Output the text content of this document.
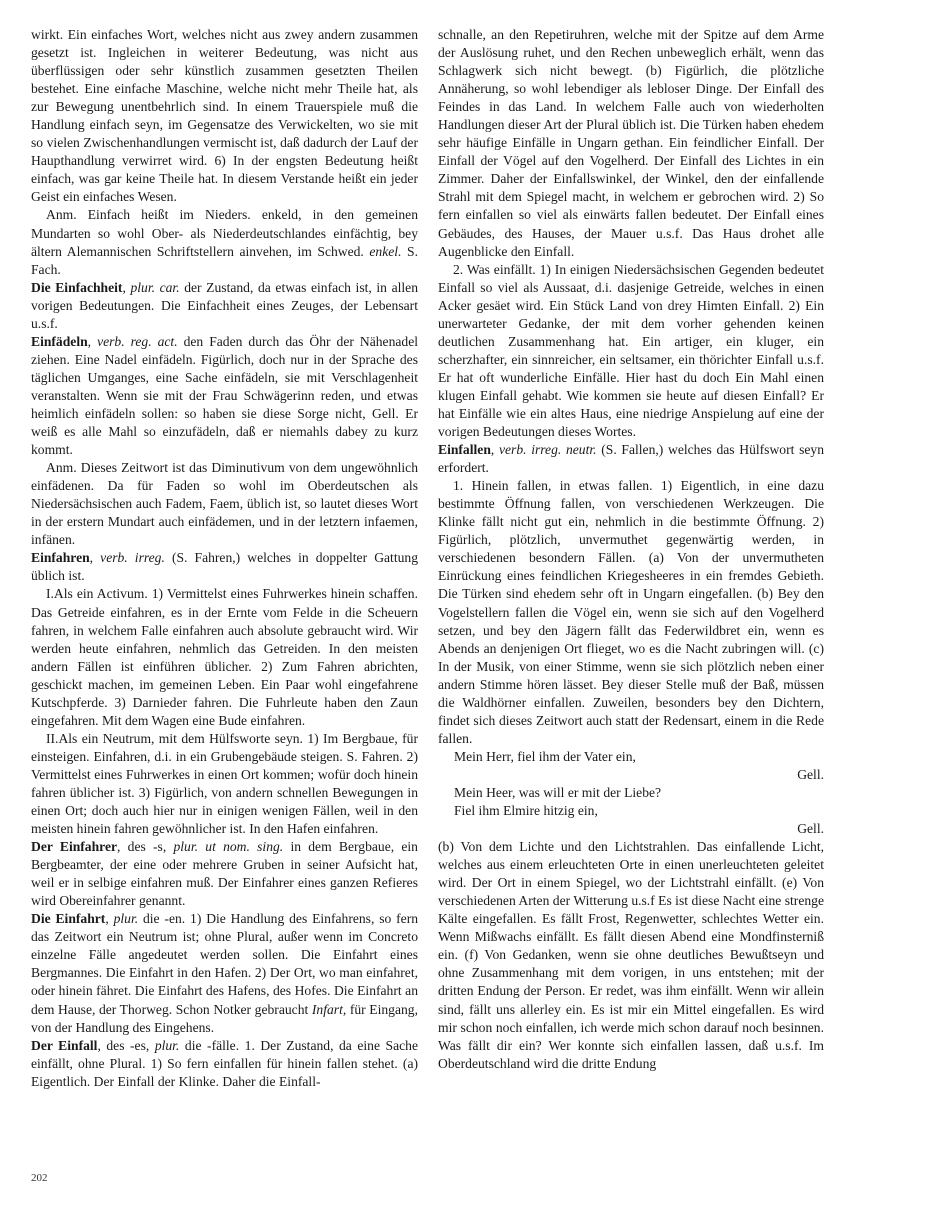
wirkt. Ein einfaches Wort, welches nicht aus zwey andern zusammen gesetzt ist. Ingleichen in weiterer Bedeutung, was nicht aus überflüssigen oder sehr künstlich zusammen gesetzten Theilen bestehet. Eine einfache Maschine, welche nicht mehr Theile hat, als zur Bewegung unentbehrlich sind. In einem Trauerspiele muß die Handlung einfach seyn, im Gegensatze des Verwickelten, wo sie mit so vielen Zwischenhandlungen vermischt ist, daß dadurch der Lauf der Haupthandlung verwirret wird. 6) In der engsten Bedeutung heißt einfach, was gar keine Theile hat. In diesem Verstande heißt ein jeder Geist ein einfaches Wesen.

Anm. Einfach heißt im Nieders. enkeld, in den gemeinen Mundarten so wohl Ober- als Niederdeutschlandes einfächtig, bey ältern Alemannischen Schriftstellern ainvehen, im Schwed. enkel. S. Fach.

Die Einfachheit, plur. car. der Zustand, da etwas einfach ist, in allen vorigen Bedeutungen. Die Einfachheit eines Zeuges, der Lebensart u.s.f.

Einfädeln, verb. reg. act. den Faden durch das Öhr der Nähenadel ziehen. Eine Nadel einfädeln. Figürlich, doch nur in der Sprache des täglichen Umganges, eine Sache einfädeln, sie mit Verschlagenheit veranstalten. Wenn sie mit der Frau Schwägerinn reden, und etwas heimlich einfädeln sollen: so haben sie diese Sorge nicht, Gell. Er weiß es alle Mahl so einzufädeln, daß er niemahls dabey zu kurz kommt.

Anm. Dieses Zeitwort ist das Diminutivum von dem ungewöhnlich einfädenen. Da für Faden so wohl im Oberdeutschen als Niedersächsischen auch Fadem, Faem, üblich ist, so lautet dieses Wort in der erstern Mundart auch einfädemen, und in der letztern infaemen, infänen.

Einfahren, verb. irreg. (S. Fahren,) welches in doppelter Gattung üblich ist.

I.Als ein Activum. 1) Vermittelst eines Fuhrwerkes hinein schaffen. Das Getreide einfahren, es in der Ernte vom Felde in die Scheuern fahren, in welchem Falle einfahren auch absolute gebraucht wird. Wir werden heute einfahren, nehmlich das Getreiden. In den meisten andern Fällen ist einführen üblicher. 2) Zum Fahren abrichten, geschickt machen, im gemeinen Leben. Ein Paar wohl eingefahrene Kutschpferde. 3) Darnieder fahren. Die Fuhrleute haben den Zaun eingefahren. Mit dem Wagen eine Bude einfahren.

II.Als ein Neutrum, mit dem Hülfsworte seyn. 1) Im Bergbaue, für einsteigen. Einfahren, d.i. in ein Grubengebäude steigen. S. Fahren. 2) Vermittelst eines Fuhrwerkes in einen Ort kommen; wofür doch hinein fahren üblicher ist. 3) Figürlich, von andern schnellen Bewegungen in einen Ort; doch auch hier nur in einigen wenigen Fällen, weil in den meisten hinein fahren gewöhnlicher ist. In den Hafen einfahren.

Der Einfahrer, des -s, plur. ut nom. sing. in dem Bergbaue, ein Bergbeamter, der eine oder mehrere Gruben in seiner Aufsicht hat, weil er in selbige einfahren muß. Der Einfahrer eines ganzen Refieres wird Obereinfahrer genannt.

Die Einfahrt, plur. die -en. 1) Die Handlung des Einfahrens, so fern das Zeitwort ein Neutrum ist; ohne Plural, außer wenn im Concreto einzelne Fälle angedeutet werden sollen. Die Einfahrt eines Bergmannes. Die Einfahrt in den Hafen. 2) Der Ort, wo man einfahret, oder hinein fähret. Die Einfahrt des Hafens, des Hofes. Die Einfahrt an dem Hause, der Thorweg. Schon Notker gebraucht Infart, für Eingang, von der Handlung des Eingehens.

Der Einfall, des -es, plur. die -fälle. 1. Der Zustand, da eine Sache einfällt, ohne Plural. 1) So fern einfallen für hinein fallen stehet. (a) Eigentlich. Der Einfall der Klinke. Daher die Einfall-

schnalle, an den Repetiruhren, welche mit der Spitze auf dem Arme der Auslösung ruhet, und den Rechen unbeweglich erhält, wenn das Schlagwerk sich nicht bewegt. (b) Figürlich, die plötzliche Annäherung, so wohl lebendiger als lebloser Dinge. Der Einfall des Feindes in das Land. In welchem Falle auch von wiederholten Handlungen dieser Art der Plural üblich ist. Die Türken haben ehedem sehr häufige Einfälle in Ungarn gethan. Ein feindlicher Einfall. Der Einfall der Vögel auf den Vogelherd. Der Einfall des Lichtes in ein Zimmer. Daher der Einfallswinkel, der Winkel, den der einfallende Strahl mit dem Spiegel macht, in welchem er gebrochen wird. 2) So fern einfallen so viel als einwärts fallen bedeutet. Der Einfall eines Gebäudes, des Hauses, der Mauer u.s.f. Das Haus drohet alle Augenblicke den Einfall.

2. Was einfällt. 1) In einigen Niedersächsischen Gegenden bedeutet Einfall so viel als Aussaat, d.i. dasjenige Getreide, welches in einen Acker gesäet wird. Ein Stück Land von drey Himten Einfall. 2) Ein unerwarteter Gedanke, der mit dem vorher gehenden keinen deutlichen Zusammenhang hat. Ein artiger, ein kluger, ein scherzhafter, ein sinnreicher, ein seltsamer, ein thörichter Einfall u.s.f. Er hat oft wunderliche Einfälle. Hier hast du doch Ein Mahl einen klugen Einfall gehabt. Wie kommen sie heute auf diesen Einfall? Er hat Einfälle wie ein altes Haus, eine niedrige Anspielung auf eine der vorigen Bedeutungen dieses Wortes.

Einfallen, verb. irreg. neutr. (S. Fallen,) welches das Hülfswort seyn erfordert.

1. Hinein fallen, in etwas fallen. 1) Eigentlich, in eine dazu bestimmte Öffnung fallen, von verschiedenen Werkzeugen. Die Klinke fällt nicht gut ein, nehmlich in die bestimmte Öffnung. 2) Figürlich, plötzlich, unvermuthet gegenwärtig werden, in verschiedenen besondern Fällen. (a) Von der unvermutheten Einrückung eines feindlichen Kriegesheeres in ein fremdes Gebieth. Die Türken sind ehedem sehr oft in Ungarn eingefallen. (b) Bey den Vogelstellern fallen die Vögel ein, wenn sie sich auf den Vogelherd setzen, und bey den Jägern fällt das Federwildbret ein, wenn es Abends an denjenigen Ort flieget, wo es die Nacht zubringen will. (c) In der Musik, von einer Stimme, wenn sie sich plötzlich neben einer andern Stimme hören lässet. Bey dieser Stelle muß der Baß, müssen die Waldhörner einfallen. Zuweilen, besonders bey den Dichtern, findet sich dieses Zeitwort auch statt der Redensart, einem in die Rede fallen.

Mein Herr, fiel ihm der Vater ein,

Gell.

Mein Heer, was will er mit der Liebe?

Fiel ihm Elmire hitzig ein,

Gell.

(b) Von dem Lichte und den Lichtstrahlen. Das einfallende Licht, welches aus einem erleuchteten Orte in einen unerleuchteten geleitet wird. Der Ort in einem Spiegel, wo der Lichtstrahl einfällt. (e) Von verschiedenen Arten der Witterung u.s.f Es ist diese Nacht eine strenge Kälte eingefallen. Es fällt Frost, Regenwetter, schlechtes Wetter ein. Wenn Mißwachs einfällt. Es fällt diesen Abend eine Mondfinsterniß ein. (f) Von Gedanken, wenn sie ohne deutliches Bewußtseyn und ohne Zusammenhang mit dem vorigen, in uns entstehen; mit der dritten Endung der Person. Er redet, was ihm einfällt. Wenn wir allein sind, fällt uns allerley ein. Es ist mir ein Mittel eingefallen. Es wird mir schon noch einfallen, ich werde mich schon darauf noch besinnen. Was fällt dir ein? Wer konnte sich einfallen lassen, daß u.s.f. Im Oberdeutschland wird die dritte Endung

202
